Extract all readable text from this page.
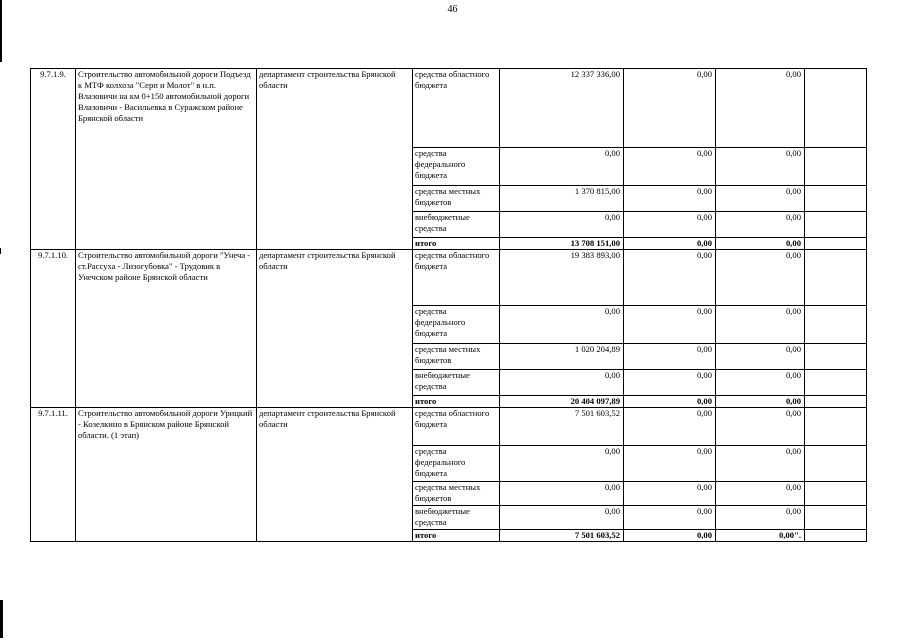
46
9.7.1.9.	Строительство автомобильной дороги Подъезд к МТФ колхоза "Серп и Молот" в н.п. Влазовичи на км 0+150 автомобильной дороги Влазовичи - Васильевка в Суражском районе Брянской области	департамент строительства Брянской области	средства областного бюджета	12 337 336,00	0,00	0,00	
			средства федерального бюджета	0,00	0,00	0,00	
			средства местных бюджетов	1 370 815,00	0,00	0,00	
			внебюджетные средства	0,00	0,00	0,00	
			итого	13 708 151,00	0,00	0,00	
9.7.1.10.	Строительство автомобильной дороги "Унеча - ст.Рассуха - Лизогубовка" - Трудовик в Унечском районе Брянской области	департамент строительства Брянской области	средства областного бюджета	19 383 893,00	0,00	0,00	
			средства федерального бюджета	0,00	0,00	0,00	
			средства местных бюджетов	1 020 204,89	0,00	0,00	
			внебюджетные средства	0,00	0,00	0,00	
			итого	20 404 097,89	0,00	0,00	
9.7.1.11.	Строительство автомобильной дороги Урицкий - Козелкино в Брянском районе Брянской области. (1 этап)	департамент строительства Брянской области	средства областного бюджета	7 501 603,52	0,00	0,00	
			средства федерального бюджета	0,00	0,00	0,00	
			средства местных бюджетов	0,00	0,00	0,00	
			внебюджетные средства	0,00	0,00	0,00	
			итого	7 501 603,52	0,00	0,00".	
